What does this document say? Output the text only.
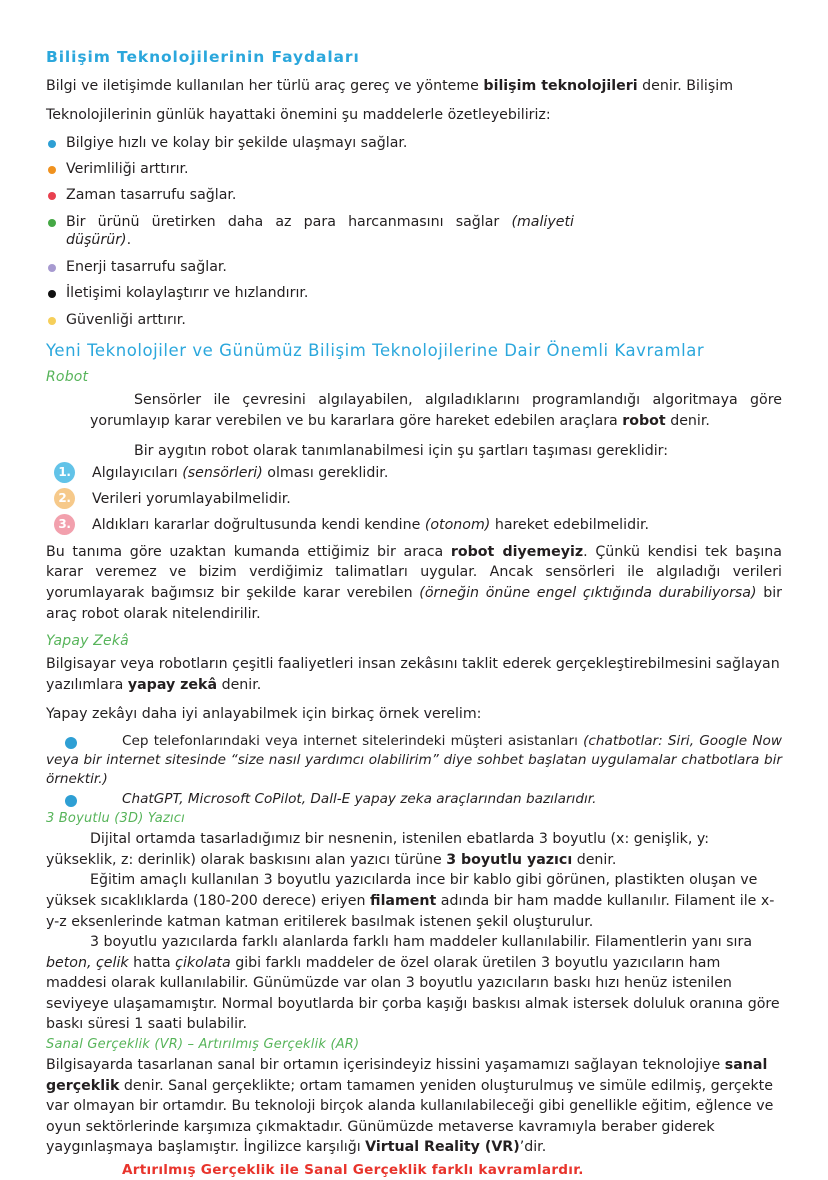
Bilişim Teknolojilerinin Faydaları

Bilgi ve iletişimde kullanılan her türlü araç gereç ve yönteme bilişim teknolojileri denir. Bilişim

Teknolojilerinin günlük hayattaki önemini şu maddelerle özetleyebiliriz:

Bilgiye hızlı ve kolay bir şekilde ulaşmayı sağlar.
Verimliliği arttırır.
Zaman tasarrufu sağlar.
Bir ürünü üretirken daha az para harcanmasını sağlar (maliyeti düşürür).
Enerji tasarrufu sağlar.
İletişimi kolaylaştırır ve hızlandırır.
Güvenliği arttırır.
Yeni Teknolojiler ve Günümüz Bilişim Teknolojilerine Dair Önemli Kavramlar
Robot

Sensörler ile çevresini algılayabilen, algıladıklarını programlandığı algoritmaya göre yorumlayıp karar verebilen ve bu kararlara göre hareket edebilen araçlara robot denir.

Bir aygıtın robot olarak tanımlanabilmesi için şu şartları taşıması gereklidir:

1.	Algılayıcıları (sensörleri) olması gereklidir.
2.	Verileri yorumlayabilmelidir.
3.	Aldıkları kararlar doğrultusunda kendi kendine (otonom) hareket edebilmelidir.

Bu tanıma göre uzaktan kumanda ettiğimiz bir araca robot diyemeyiz. Çünkü kendisi tek başına karar veremez ve bizim verdiğimiz talimatları uygular. Ancak sensörleri ile algıladığı verileri yorumlayarak bağımsız bir şekilde karar verebilen (örneğin önüne engel çıktığında durabiliyorsa) bir araç robot olarak nitelendirilir.

Yapay Zekâ

Bilgisayar veya robotların çeşitli faaliyetleri insan zekâsını taklit ederek gerçekleştirebilmesini sağlayan yazılımlara yapay zekâ denir.

Yapay zekâyı daha iyi anlayabilmek için birkaç örnek verelim:

Cep telefonlarındaki veya internet sitelerindeki müşteri asistanları (chatbotlar: Siri, Google Now veya bir internet sitesinde “size nasıl yardımcı olabilirim” diye sohbet başlatan uygulamalar chatbotlara bir örnektir.)
ChatGPT, Microsoft CoPilot, Dall-E yapay zeka araçlarından bazılarıdır.
3 Boyutlu (3D) Yazıcı

Dijital ortamda tasarladığımız bir nesnenin, istenilen ebatlarda 3 boyutlu (x: genişlik, y: yükseklik, z: derinlik) olarak baskısını alan yazıcı türüne 3 boyutlu yazıcı denir.

Eğitim amaçlı kullanılan 3 boyutlu yazıcılarda ince bir kablo gibi görünen, plastikten oluşan ve yüksek sıcaklıklarda (180-200 derece) eriyen filament adında bir ham madde kullanılır. Filament ile x-y-z eksenlerinde katman katman eritilerek basılmak istenen şekil oluşturulur.

3 boyutlu yazıcılarda farklı alanlarda farklı ham maddeler kullanılabilir. Filamentlerin yanı sıra beton, çelik hatta çikolata gibi farklı maddeler de özel olarak üretilen 3 boyutlu yazıcıların ham maddesi olarak kullanılabilir. Günümüzde var olan 3 boyutlu yazıcıların baskı hızı henüz istenilen seviyeye ulaşamamıştır. Normal boyutlarda bir çorba kaşığı baskısı almak istersek doluluk oranına göre baskı süresi 1 saati bulabilir.

Sanal Gerçeklik (VR) – Artırılmış Gerçeklik (AR)

Bilgisayarda tasarlanan sanal bir ortamın içerisindeyiz hissini yaşamamızı sağlayan teknolojiye sanal gerçeklik denir. Sanal gerçeklikte; ortam tamamen yeniden oluşturulmuş ve simüle edilmiş, gerçekte var olmayan bir ortamdır. Bu teknoloji birçok alanda kullanılabileceği gibi genellikle eğitim, eğlence ve oyun sektörlerinde karşımıza çıkmaktadır. Günümüzde metaverse kavramıyla beraber giderek yaygınlaşmaya başlamıştır. İngilizce karşılığı Virtual Reality (VR)’dir.

Artırılmış Gerçeklik ile Sanal Gerçeklik farklı kavramlardır.
